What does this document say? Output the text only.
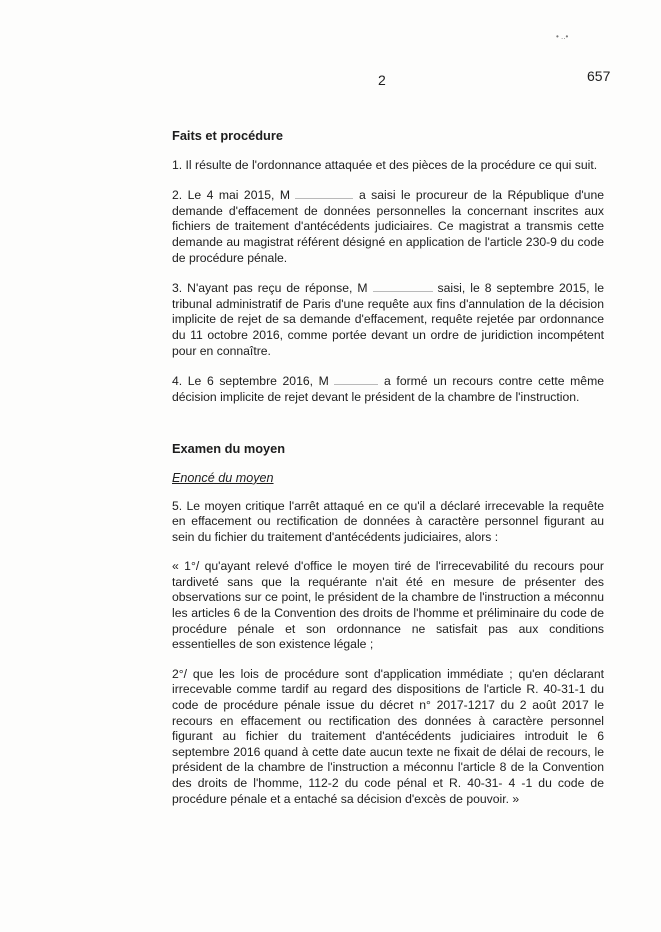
• ..•
2	657
Faits et procédure

1. Il résulte de l'ordonnance attaquée et des pièces de la procédure ce qui suit.

2. Le 4 mai 2015, M	a saisi le procureur de la République d'une demande d'effacement de données personnelles la concernant inscrites aux fichiers de traitement d'antécédents judiciaires. Ce magistrat a transmis cette demande au magistrat référent désigné en application de l'article 230-9 du code de procédure pénale.

3. N'ayant pas reçu de réponse, M	saisi, le 8 septembre 2015, le tribunal administratif de Paris d'une requête aux fins d'annulation de la décision implicite de rejet de sa demande d'effacement, requête rejetée par ordonnance du 11 octobre 2016, comme portée devant un ordre de juridiction incompétent pour en connaître.

4. Le 6 septembre 2016, M	a formé un recours contre cette même décision implicite de rejet devant le président de la chambre de l'instruction.

Examen du moyen
Enoncé du moyen

5. Le moyen critique l'arrêt attaqué en ce qu'il a déclaré irrecevable la requête en effacement ou rectification de données à caractère personnel figurant au sein du fichier du traitement d'antécédents judiciaires, alors :

« 1°/ qu'ayant relevé d'office le moyen tiré de l'irrecevabilité du recours pour tardiveté sans que la requérante n'ait été en mesure de présenter des observations sur ce point, le président de la chambre de l'instruction a méconnu les articles 6 de la Convention des droits de l'homme et préliminaire du code de procédure pénale et son ordonnance ne satisfait pas aux conditions essentielles de son existence légale ;

2°/ que les lois de procédure sont d'application immédiate ; qu'en déclarant irrecevable comme tardif au regard des dispositions de l'article R. 40-31-1 du code de procédure pénale issue du décret n° 2017-1217 du 2 août 2017 le recours en effacement ou rectification des données à caractère personnel figurant au fichier du traitement d'antécédents judiciaires introduit le 6 septembre 2016 quand à cette date aucun texte ne fixait de délai de recours, le président de la chambre de l'instruction a méconnu l'article 8 de la Convention des droits de l'homme, 112-2 du code pénal et R. 40-31- 4 -1 du code de procédure pénale et a entaché sa décision d'excès de pouvoir. »
